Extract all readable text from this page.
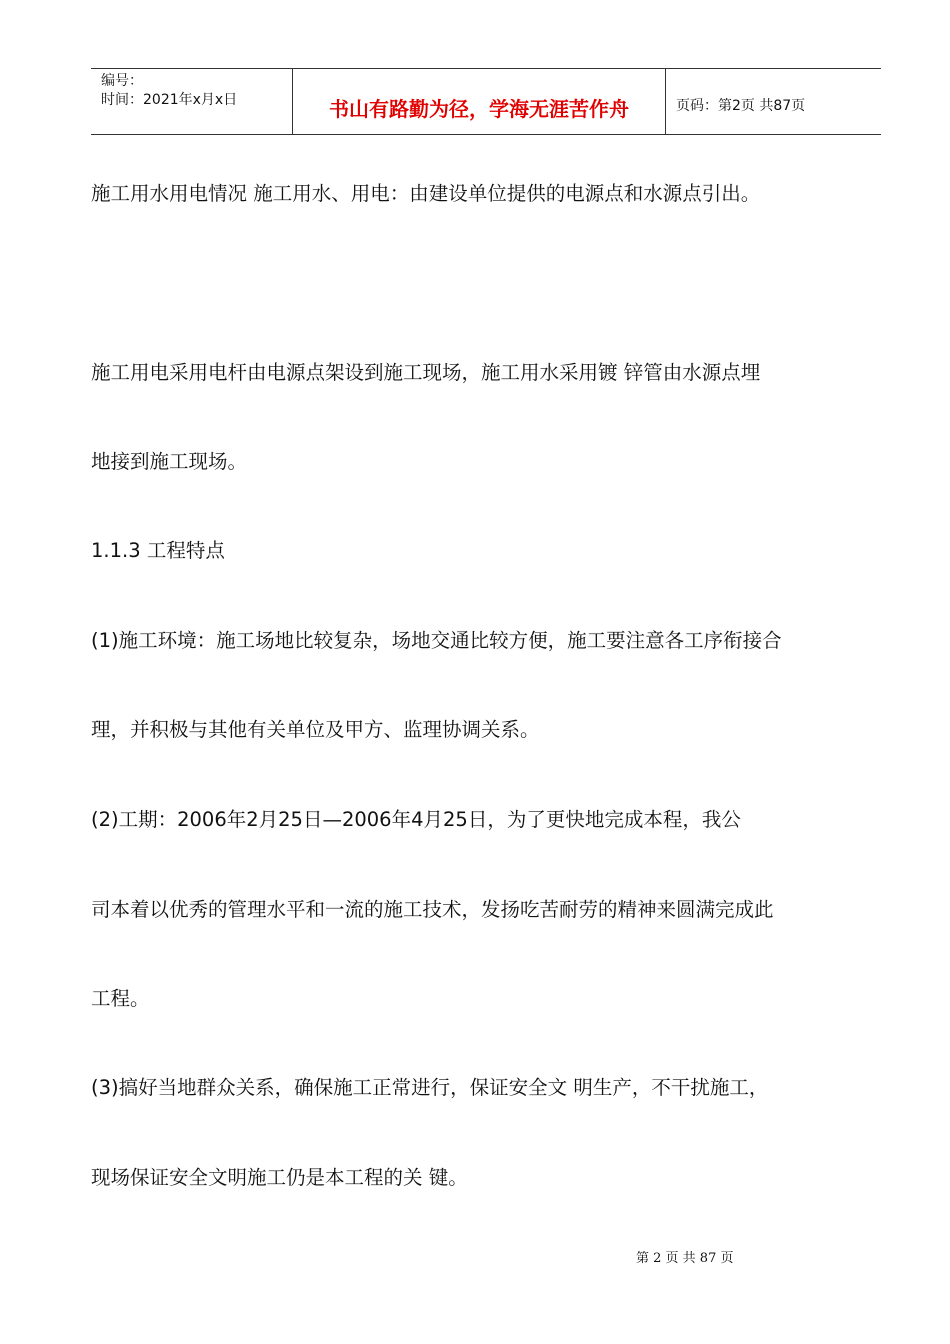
编号：
时间：2021年x月x日	书山有路勤为径，学海无涯苦作舟	页码：第2页 共87页
施工用水用电情况 施工用水、用电：由建设单位提供的电源点和水源点引出。
施工用电采用电杆由电源点架设到施工现场，施工用水采用镀 锌管由水源点埋
地接到施工现场。
1.1.3 工程特点
(1)施工环境：施工场地比较复杂，场地交通比较方便，施工要注意各工序衔接合
理，并积极与其他有关单位及甲方、监理协调关系。
(2)工期：2006年2月25日—2006年4月25日，为了更快地完成本程，我公
司本着以优秀的管理水平和一流的施工技术，发扬吃苦耐劳的精神来圆满完成此
工程。
(3)搞好当地群众关系，确保施工正常进行，保证安全文 明生产，不干扰施工，
现场保证安全文明施工仍是本工程的关 键。
第 2 页 共 87 页
